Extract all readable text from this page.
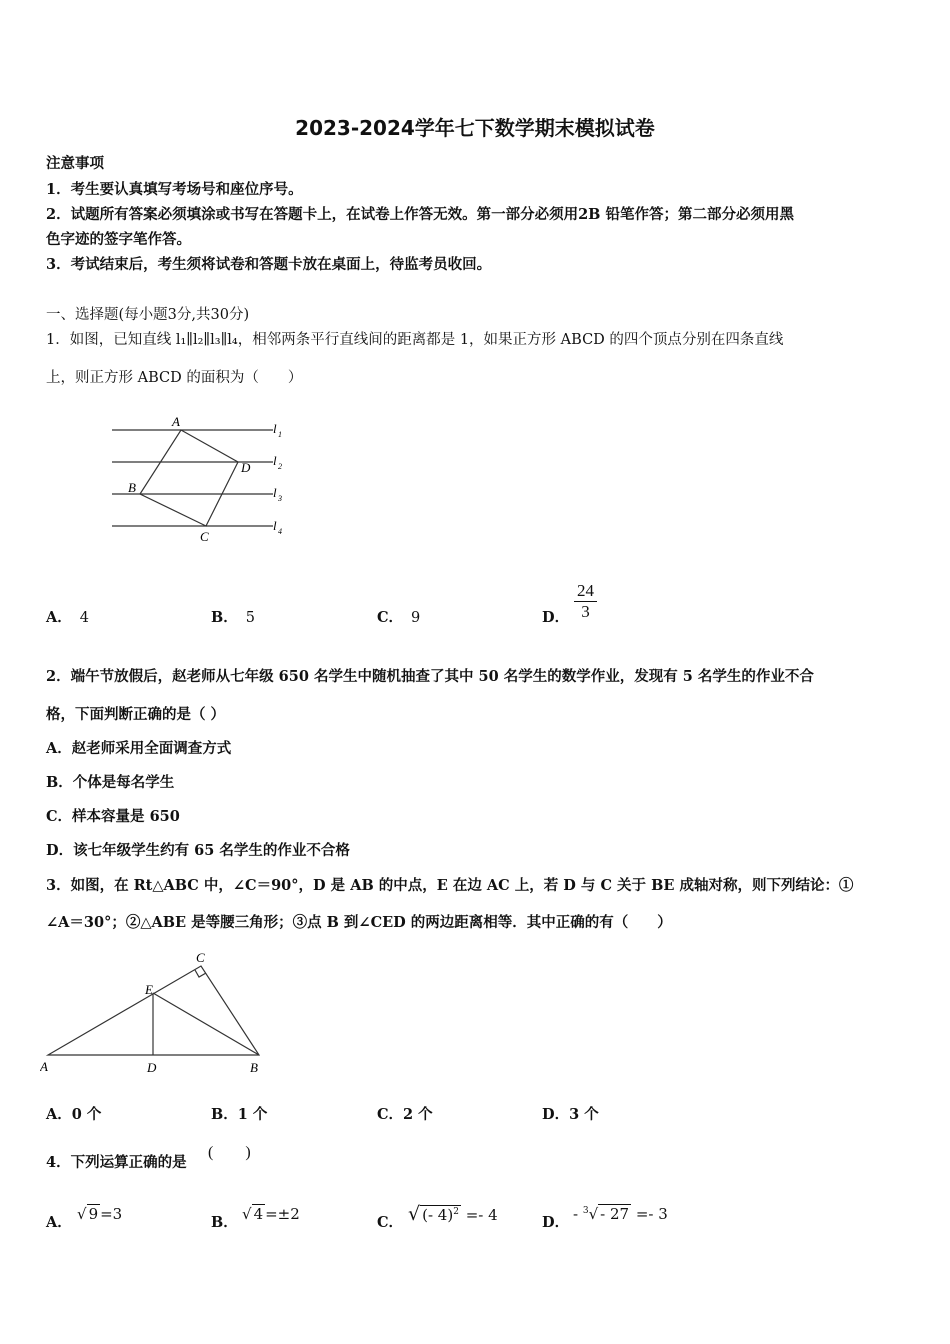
2023-2024学年七下数学期末模拟试卷
注意事项
1．考生要认真填写考场号和座位序号。
2．试题所有答案必须填涂或书写在答题卡上，在试卷上作答无效。第一部分必须用2B 铅笔作答；第二部分必须用黑
色字迹的签字笔作答。
3．考试结束后，考生须将试卷和答题卡放在桌面上，待监考员收回。
一、选择题(每小题3分,共30分)
1．如图，已知直线 l₁∥l₂∥l₃∥l₄，相邻两条平行直线间的距离都是 1，如果正方形 ABCD 的四个顶点分别在四条直线
上，则正方形 ABCD 的面积为（　　）
A
B
C
D
l 1
l 2
l 3
l 4
A． 4	B． 5	C． 9	D． $\frac{24}{3}$
2．端午节放假后，赵老师从七年级 650 名学生中随机抽查了其中 50 名学生的数学作业，发现有 5 名学生的作业不合
格，下面判断正确的是（ ）
A．赵老师采用全面调查方式
B．个体是每名学生
C．样本容量是 650
D．该七年级学生约有 65 名学生的作业不合格
3．如图，在 Rt△ABC 中，∠C＝90°，D 是 AB 的中点，E 在边 AC 上，若 D 与 C 关于 BE 成轴对称，则下列结论：①
∠A＝30°；②△ABE 是等腰三角形；③点 B 到∠CED 的两边距离相等．其中正确的有（　　）
A	B
C
D
E
A．0 个	B．1 个	C．2 个	D．3 个
4．下列运算正确的是
(　　)
A． √ 9 =3	B． √ 4 =±2	C． √ (- 4)$^2$ =- 4	D． - $^3$√ - 27 =- 3
